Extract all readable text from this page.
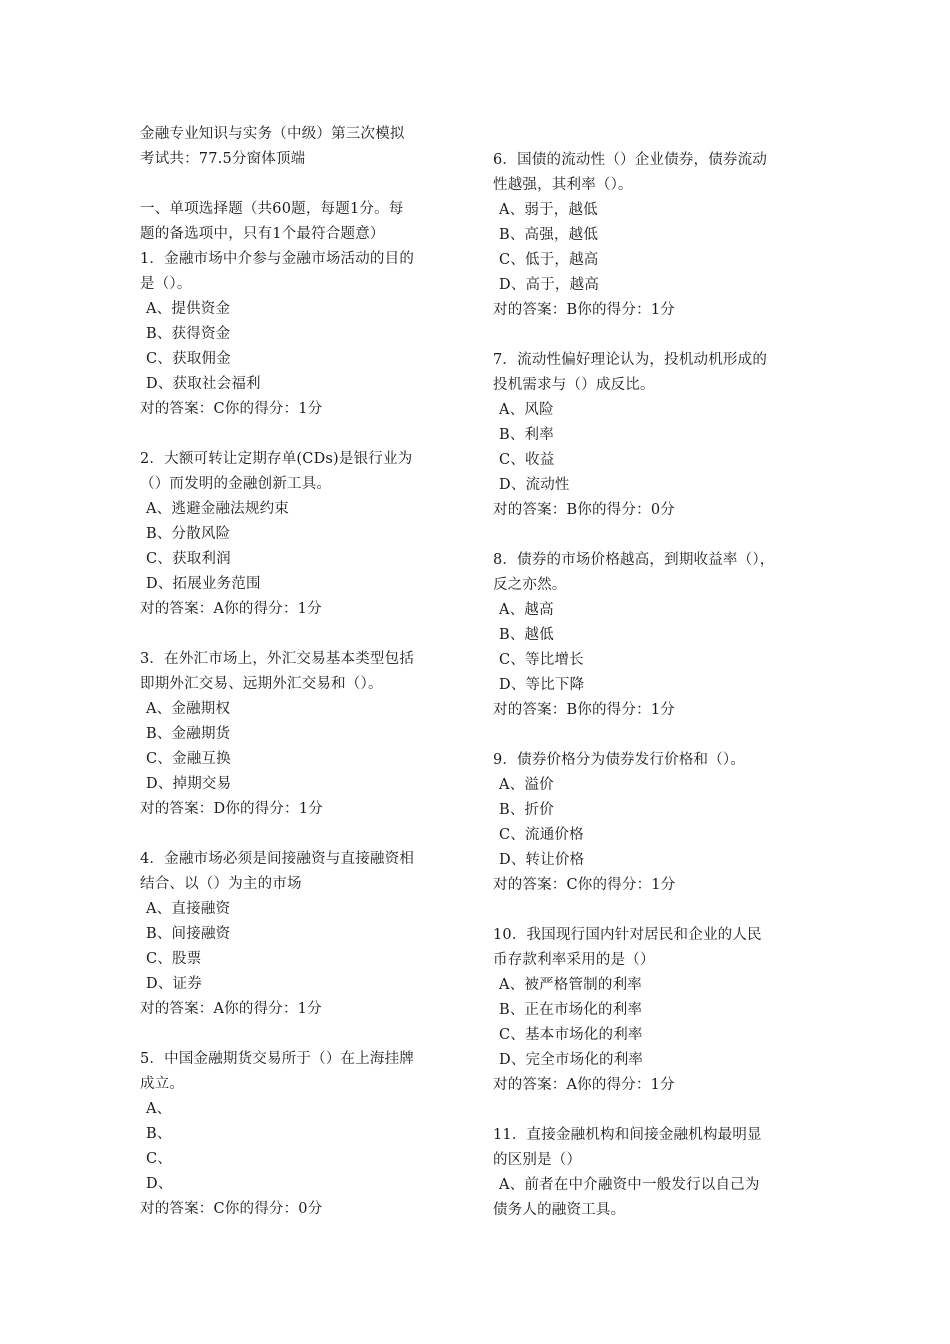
金融专业知识与实务（中级）第三次模拟
考试共：77.5分窗体顶端
一、单项选择题（共60题，每题1分。每
题的备选项中，只有1个最符合题意）
1．金融市场中介参与金融市场活动的目的
是（）。
A、提供资金
B、获得资金
C、获取佣金
D、获取社会福利
对的答案：C你的得分：1分
2．大额可转让定期存单(CDs)是银行业为
（）而发明的金融创新工具。
A、逃避金融法规约束
B、分散风险
C、获取利润
D、拓展业务范围
对的答案：A你的得分：1分
3．在外汇市场上，外汇交易基本类型包括
即期外汇交易、远期外汇交易和（）。
A、金融期权
B、金融期货
C、金融互换
D、掉期交易
对的答案：D你的得分：1分
4．金融市场必须是间接融资与直接融资相
结合、以（）为主的市场
A、直接融资
B、间接融资
C、股票
D、证券
对的答案：A你的得分：1分
5．中国金融期货交易所于（）在上海挂牌
成立。
A、
B、
C、
D、
对的答案：C你的得分：0分
6．国债的流动性（）企业债券，债券流动
性越强，其利率（）。
A、弱于，越低
B、高强，越低
C、低于，越高
D、高于，越高
对的答案：B你的得分：1分
7．流动性偏好理论认为，投机动机形成的
投机需求与（）成反比。
A、风险
B、利率
C、收益
D、流动性
对的答案：B你的得分：0分
8．债券的市场价格越高，到期收益率（），
反之亦然。
A、越高
B、越低
C、等比增长
D、等比下降
对的答案：B你的得分：1分
9．债券价格分为债券发行价格和（）。
A、溢价
B、折价
C、流通价格
D、转让价格
对的答案：C你的得分：1分
10．我国现行国内针对居民和企业的人民
币存款利率采用的是（）
A、被严格管制的利率
B、正在市场化的利率
C、基本市场化的利率
D、完全市场化的利率
对的答案：A你的得分：1分
11．直接金融机构和间接金融机构最明显
的区别是（）
A、前者在中介融资中一般发行以自己为
债务人的融资工具。
